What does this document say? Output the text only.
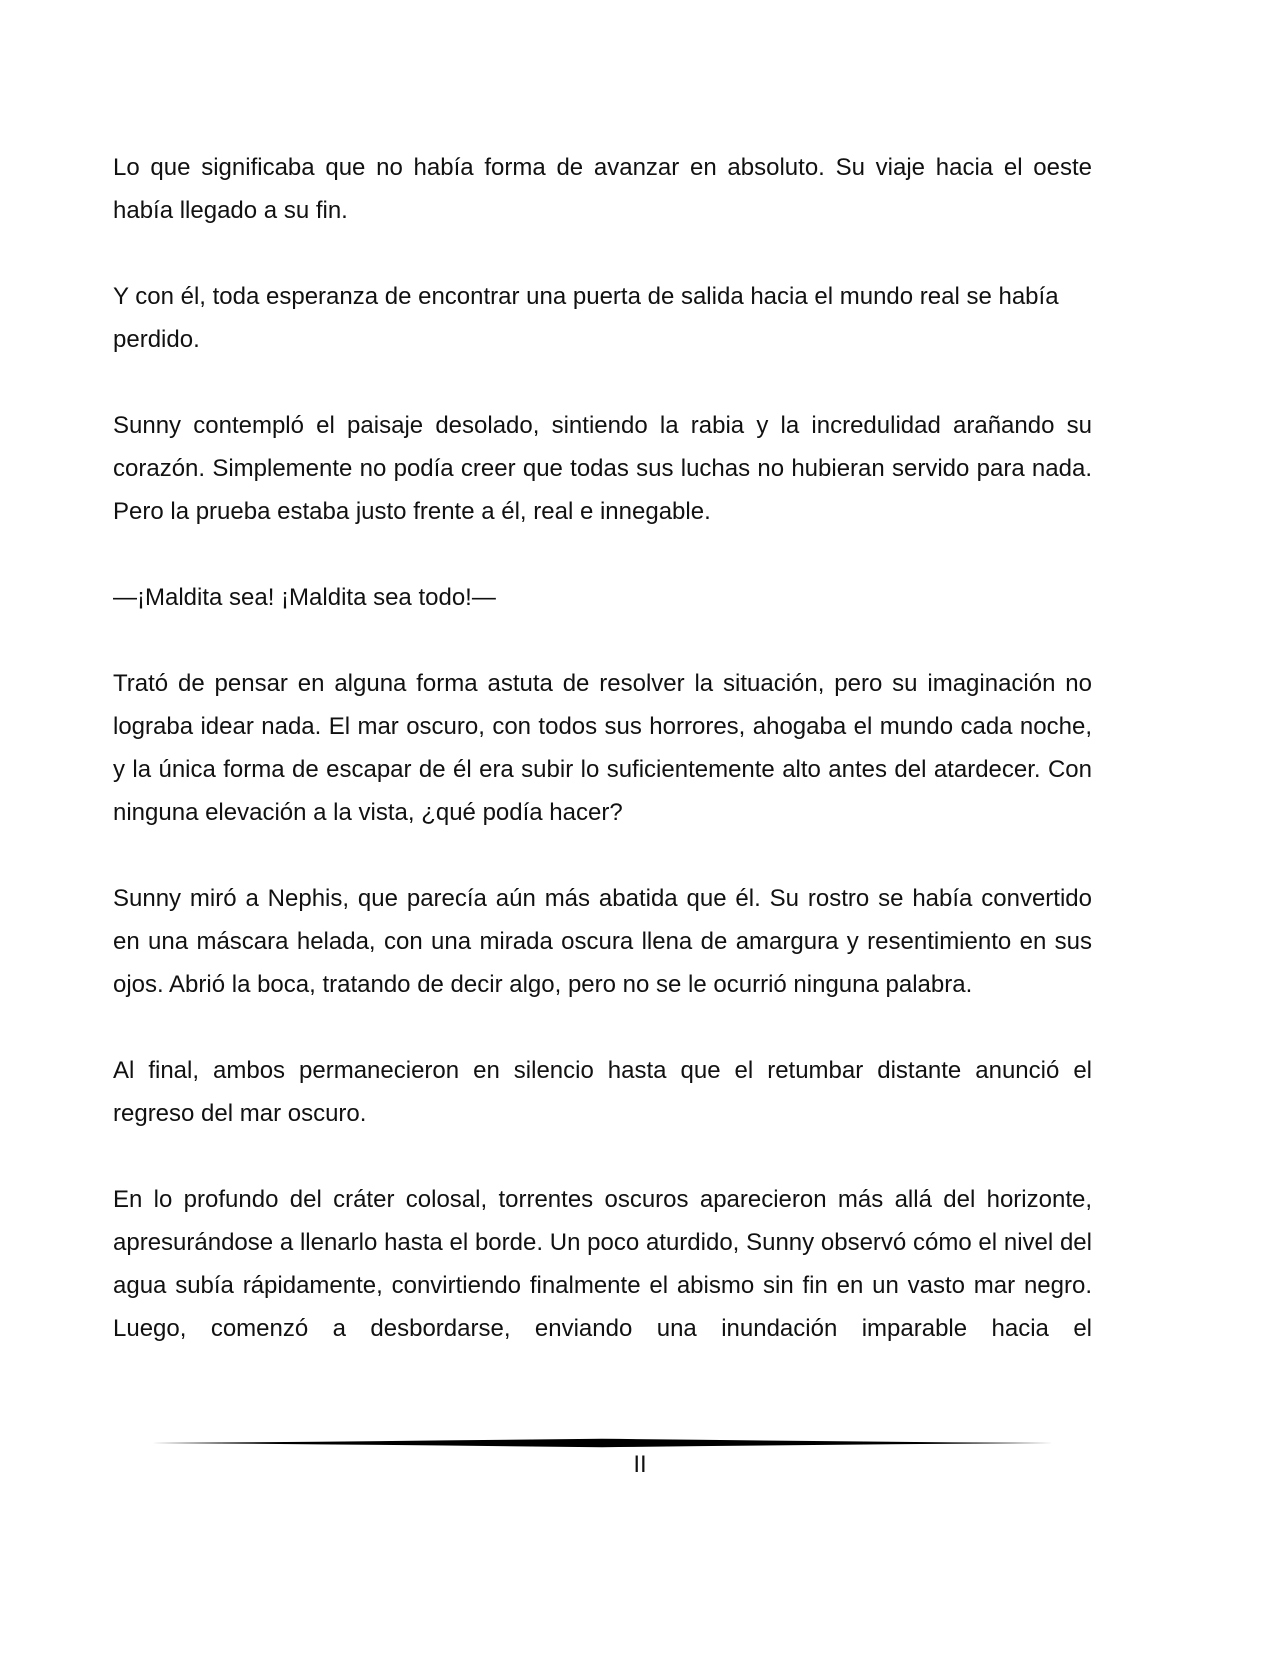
Lo que significaba que no había forma de avanzar en absoluto. Su viaje hacia el oeste había llegado a su fin.

Y con él, toda esperanza de encontrar una puerta de salida hacia el mundo real se había perdido.

Sunny contempló el paisaje desolado, sintiendo la rabia y la incredulidad arañando su corazón. Simplemente no podía creer que todas sus luchas no hubieran servido para nada. Pero la prueba estaba justo frente a él, real e innegable.

—¡Maldita sea! ¡Maldita sea todo!—

Trató de pensar en alguna forma astuta de resolver la situación, pero su imaginación no lograba idear nada. El mar oscuro, con todos sus horrores, ahogaba el mundo cada noche, y la única forma de escapar de él era subir lo suficientemente alto antes del atardecer. Con ninguna elevación a la vista, ¿qué podía hacer?

Sunny miró a Nephis, que parecía aún más abatida que él. Su rostro se había convertido en una máscara helada, con una mirada oscura llena de amargura y resentimiento en sus ojos. Abrió la boca, tratando de decir algo, pero no se le ocurrió ninguna palabra.

Al final, ambos permanecieron en silencio hasta que el retumbar distante anunció el regreso del mar oscuro.

En lo profundo del cráter colosal, torrentes oscuros aparecieron más allá del horizonte, apresurándose a llenarlo hasta el borde. Un poco aturdido, Sunny observó cómo el nivel del agua subía rápidamente, convirtiendo finalmente el abismo sin fin en un vasto mar negro. Luego, comenzó a desbordarse, enviando una inundación imparable hacia el

II
